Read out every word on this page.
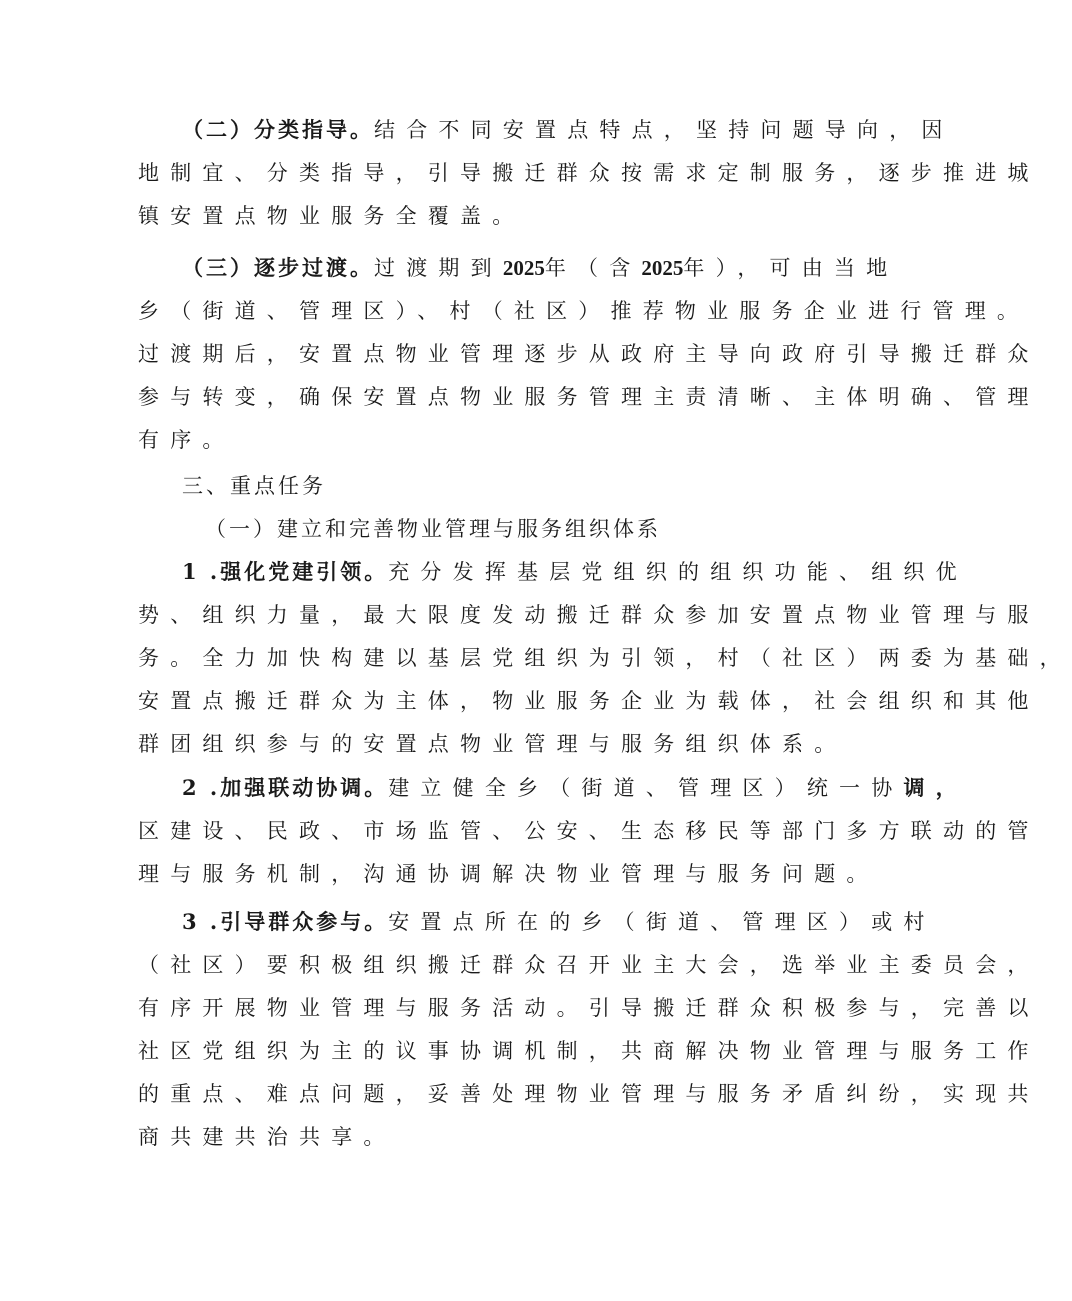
（二）分类指导。结合不同安置点特点，坚持问题导向，因
地制宜、分类指导，引导搬迁群众按需求定制服务，逐步推进城
镇安置点物业服务全覆盖。
（三）逐步过渡。过渡期到2025年（含2025年），可由当地
乡（街道、管理区）、村（社区）推荐物业服务企业进行管理。
过渡期后，安置点物业管理逐步从政府主导向政府引导搬迁群众
参与转变，确保安置点物业服务管理主责清晰、主体明确、管理
有序。
三、重点任务
（一）建立和完善物业管理与服务组织体系
1 .强化党建引领。充分发挥基层党组织的组织功能、组织优
势、组织力量，最大限度发动搬迁群众参加安置点物业管理与服
务。全力加快构建以基层党组织为引领，村（社区）两委为基础，
安置点搬迁群众为主体，物业服务企业为载体，社会组织和其他
群团组织参与的安置点物业管理与服务组织体系。
2 .加强联动协调。建立健全乡（街道、管理区）统一协调，
区建设、民政、市场监管、公安、生态移民等部门多方联动的管
理与服务机制，沟通协调解决物业管理与服务问题。
3 .引导群众参与。安置点所在的乡（街道、管理区）或村
（社区）要积极组织搬迁群众召开业主大会，选举业主委员会，
有序开展物业管理与服务活动。引导搬迁群众积极参与，完善以
社区党组织为主的议事协调机制，共商解决物业管理与服务工作
的重点、难点问题，妥善处理物业管理与服务矛盾纠纷，实现共
商共建共治共享。
